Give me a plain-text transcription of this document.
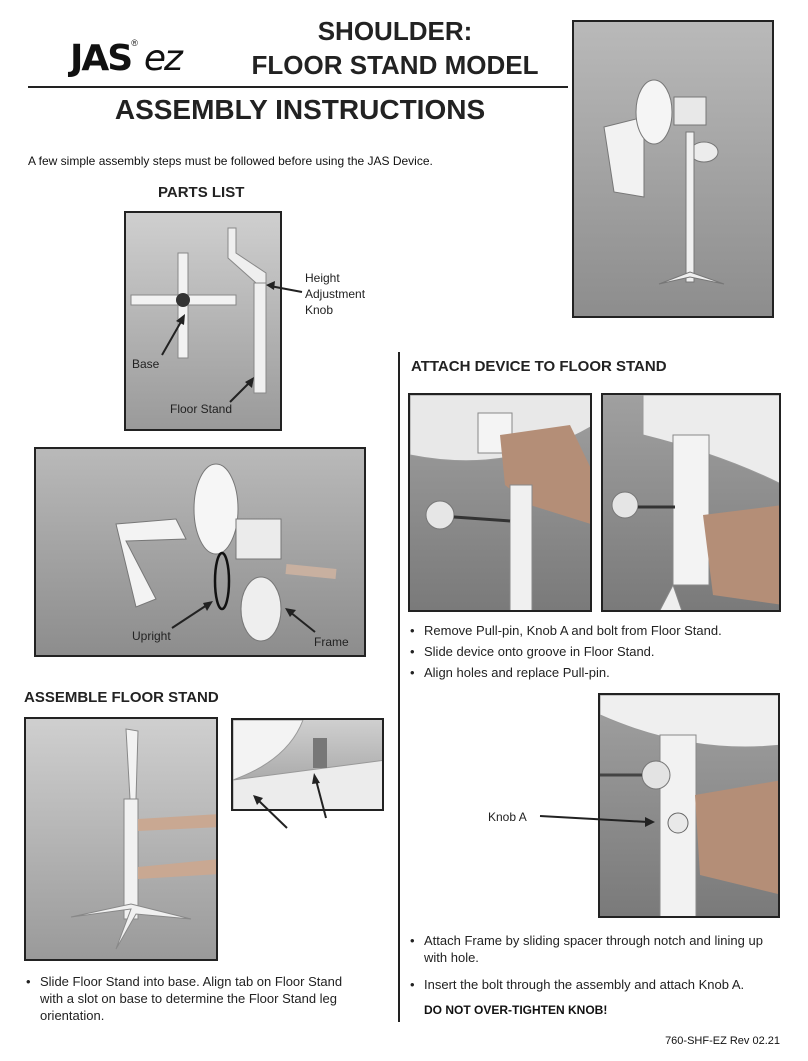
JAS® ez
SHOULDER:
FLOOR STAND MODEL
ASSEMBLY INSTRUCTIONS
A few simple assembly steps must be followed before using the JAS Device.
PARTS LIST
Base
Floor Stand
Height
Adjustment
Knob
Upright	Frame
ASSEMBLE FLOOR STAND
• Slide Floor Stand into base. Align tab on Floor Stand with a slot on base to determine the Floor Stand leg orientation.
ATTACH DEVICE TO FLOOR STAND
• Remove Pull-pin, Knob A and bolt from Floor Stand.
• Slide device onto groove in Floor Stand.
• Align holes and replace Pull-pin.
Knob A
• Attach Frame by sliding spacer through notch and lining up with hole.
• Insert the bolt through the assembly and attach Knob A.
DO NOT OVER-TIGHTEN KNOB!
760-SHF-EZ Rev 02.21
